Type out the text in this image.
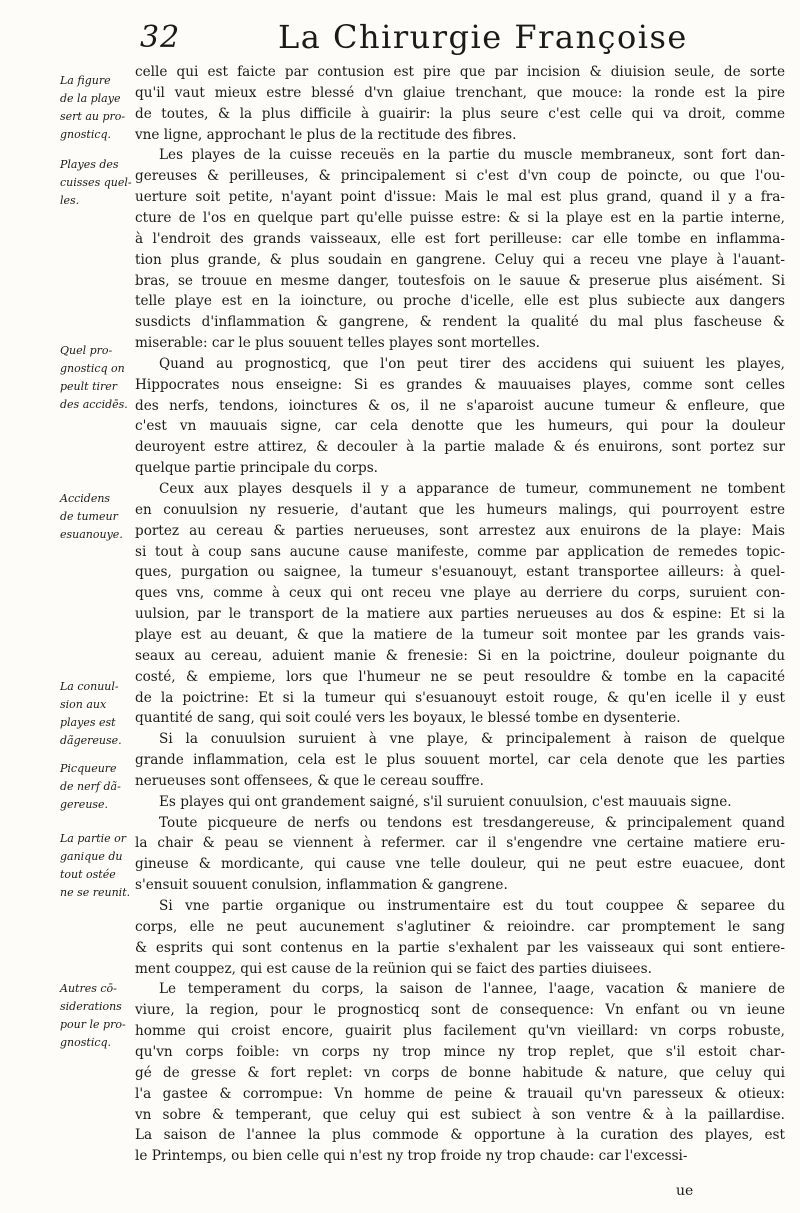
32	La Chirurgie Françoise
La figure
de la playe
sert au pro-
gnosticq.
Playes des
cuisses quel-
les.
Quel pro-
gnosticq on
peult tirer
des accidēs.
Accidens
de tumeur
esuanouye.
La conuul-
sion aux
playes est
dãgereuse.
Picqueure
de nerf dã-
gereuse.
La partie or
ganique du
tout ostée
ne se reunit.
Autres cō-
siderations
pour le pro-
gnosticq.
celle qui est faicte par contusion est pire que par incision & diuision seule, de sorte
qu'il vaut mieux estre blessé d'vn glaiue trenchant, que mouce: la ronde est la pire
de toutes, & la plus difficile à guairir: la plus seure c'est celle qui va droit, comme
vne ligne, approchant le plus de la rectitude des fibres.
Les playes de la cuisse receuës en la partie du muscle membraneux, sont fort dan-
gereuses & perilleuses, & principalement si c'est d'vn coup de poincte, ou que l'ou-
uerture soit petite, n'ayant point d'issue: Mais le mal est plus grand, quand il y a fra-
cture de l'os en quelque part qu'elle puisse estre: & si la playe est en la partie interne,
à l'endroit des grands vaisseaux, elle est fort perilleuse: car elle tombe en inflamma-
tion plus grande, & plus soudain en gangrene. Celuy qui a receu vne playe à l'auant-
bras, se trouue en mesme danger, toutesfois on le sauue & preserue plus aisément. Si
telle playe est en la ioincture, ou proche d'icelle, elle est plus subiecte aux dangers
susdicts d'inflammation & gangrene, & rendent la qualité du mal plus fascheuse &
miserable: car le plus souuent telles playes sont mortelles.
Quand au prognosticq, que l'on peut tirer des accidens qui suiuent les playes,
Hippocrates nous enseigne: Si es grandes & mauuaises playes, comme sont celles
des nerfs, tendons, ioinctures & os, il ne s'aparoist aucune tumeur & enfleure, que
c'est vn mauuais signe, car cela denotte que les humeurs, qui pour la douleur
deuroyent estre attirez, & decouler à la partie malade & és enuirons, sont portez sur
quelque partie principale du corps.
Ceux aux playes desquels il y a apparance de tumeur, communement ne tombent
en conuulsion ny resuerie, d'autant que les humeurs malings, qui pourroyent estre
portez au cereau & parties nerueuses, sont arrestez aux enuirons de la playe: Mais
si tout à coup sans aucune cause manifeste, comme par application de remedes topic-
ques, purgation ou saignee, la tumeur s'esuanouyt, estant transportee ailleurs: à quel-
ques vns, comme à ceux qui ont receu vne playe au derriere du corps, suruient con-
uulsion, par le transport de la matiere aux parties nerueuses au dos & espine: Et si la
playe est au deuant, & que la matiere de la tumeur soit montee par les grands vais-
seaux au cereau, aduient manie & frenesie: Si en la poictrine, douleur poignante du
costé, & empieme, lors que l'humeur ne se peut resouldre & tombe en la capacité
de la poictrine: Et si la tumeur qui s'esuanouyt estoit rouge, & qu'en icelle il y eust
quantité de sang, qui soit coulé vers les boyaux, le blessé tombe en dysenterie.
Si la conuulsion suruient à vne playe, & principalement à raison de quelque
grande inflammation, cela est le plus souuent mortel, car cela denote que les parties
nerueuses sont offensees, & que le cereau souffre.
Es playes qui ont grandement saigné, s'il suruient conuulsion, c'est mauuais signe.
Toute picqueure de nerfs ou tendons est tresdangereuse, & principalement quand
la chair & peau se viennent à refermer. car il s'engendre vne certaine matiere eru-
gineuse & mordicante, qui cause vne telle douleur, qui ne peut estre euacuee, dont
s'ensuit souuent conulsion, inflammation & gangrene.
Si vne partie organique ou instrumentaire est du tout couppee & separee du
corps, elle ne peut aucunement s'aglutiner & reioindre. car promptement le sang
& esprits qui sont contenus en la partie s'exhalent par les vaisseaux qui sont entiere-
ment couppez, qui est cause de la reünion qui se faict des parties diuisees.
Le temperament du corps, la saison de l'annee, l'aage, vacation & maniere de
viure, la region, pour le prognosticq sont de consequence: Vn enfant ou vn ieune
homme qui croist encore, guairit plus facilement qu'vn vieillard: vn corps robuste,
qu'vn corps foible: vn corps ny trop mince ny trop replet, que s'il estoit char-
gé de gresse & fort replet: vn corps de bonne habitude & nature, que celuy qui
l'a gastee & corrompue: Vn homme de peine & trauail qu'vn paresseux & otieux:
vn sobre & temperant, que celuy qui est subiect à son ventre & à la paillardise.
La saison de l'annee la plus commode & opportune à la curation des playes, est
le Printemps, ou bien celle qui n'est ny trop froide ny trop chaude: car l'excessi-
ue
